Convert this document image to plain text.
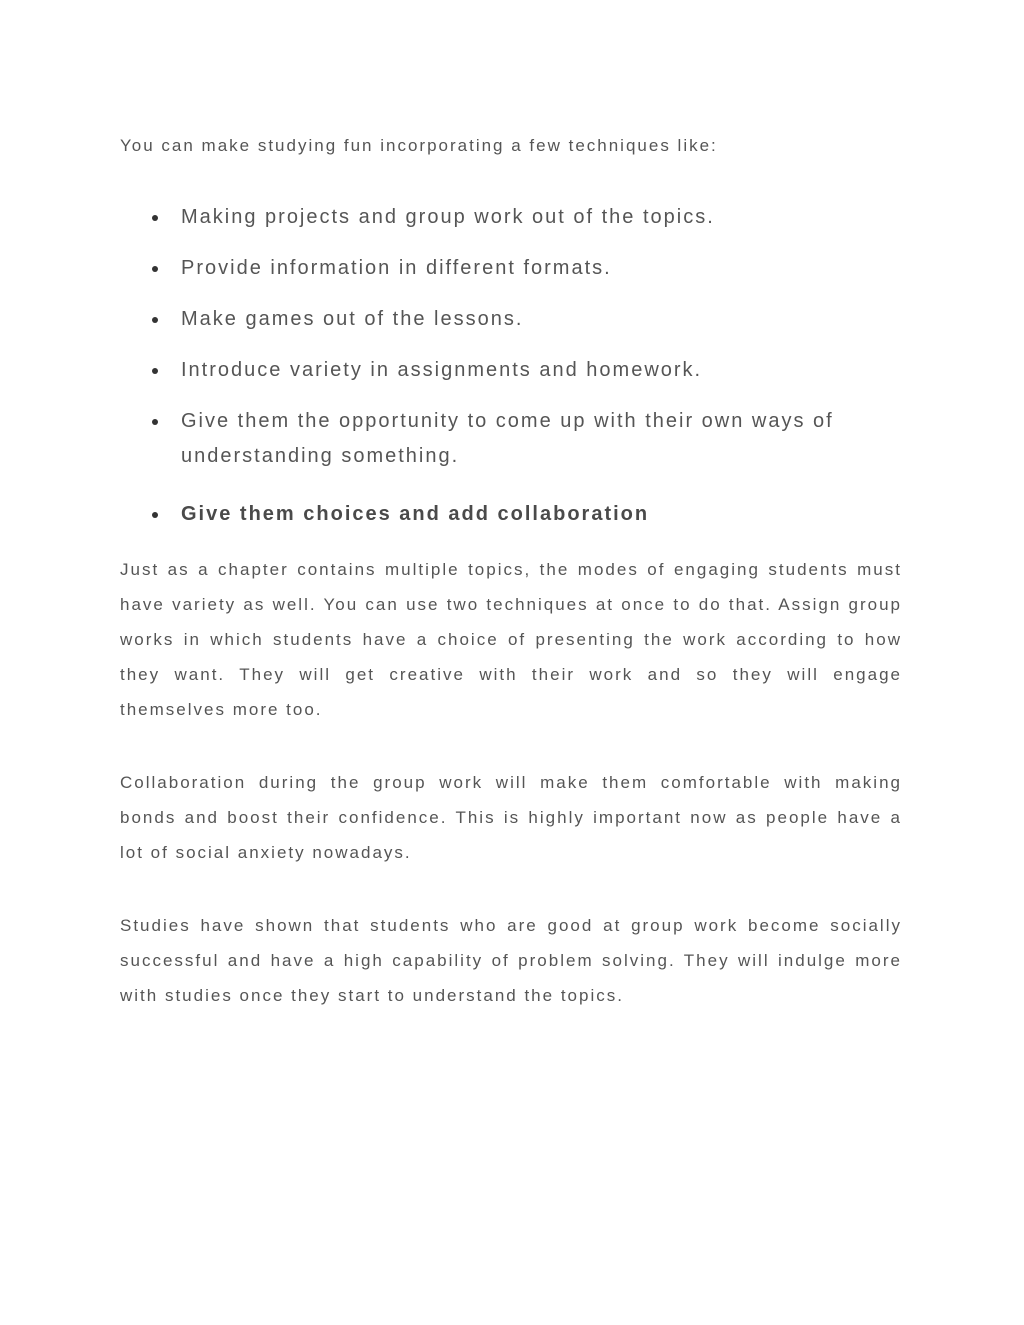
You can make studying fun incorporating a few techniques like:

Making projects and group work out of the topics.
Provide information in different formats.
Make games out of the lessons.
Introduce variety in assignments and homework.
Give them the opportunity to come up with their own ways of understanding something.
Give them choices and add collaboration

Just as a chapter contains multiple topics, the modes of engaging students must have variety as well. You can use two techniques at once to do that. Assign group works in which students have a choice of presenting the work according to how they want. They will get creative with their work and so they will engage themselves more too.

Collaboration during the group work will make them comfortable with making bonds and boost their confidence. This is highly important now as people have a lot of social anxiety nowadays.

Studies have shown that students who are good at group work become socially successful and have a high capability of problem solving. They will indulge more with studies once they start to understand the topics.
